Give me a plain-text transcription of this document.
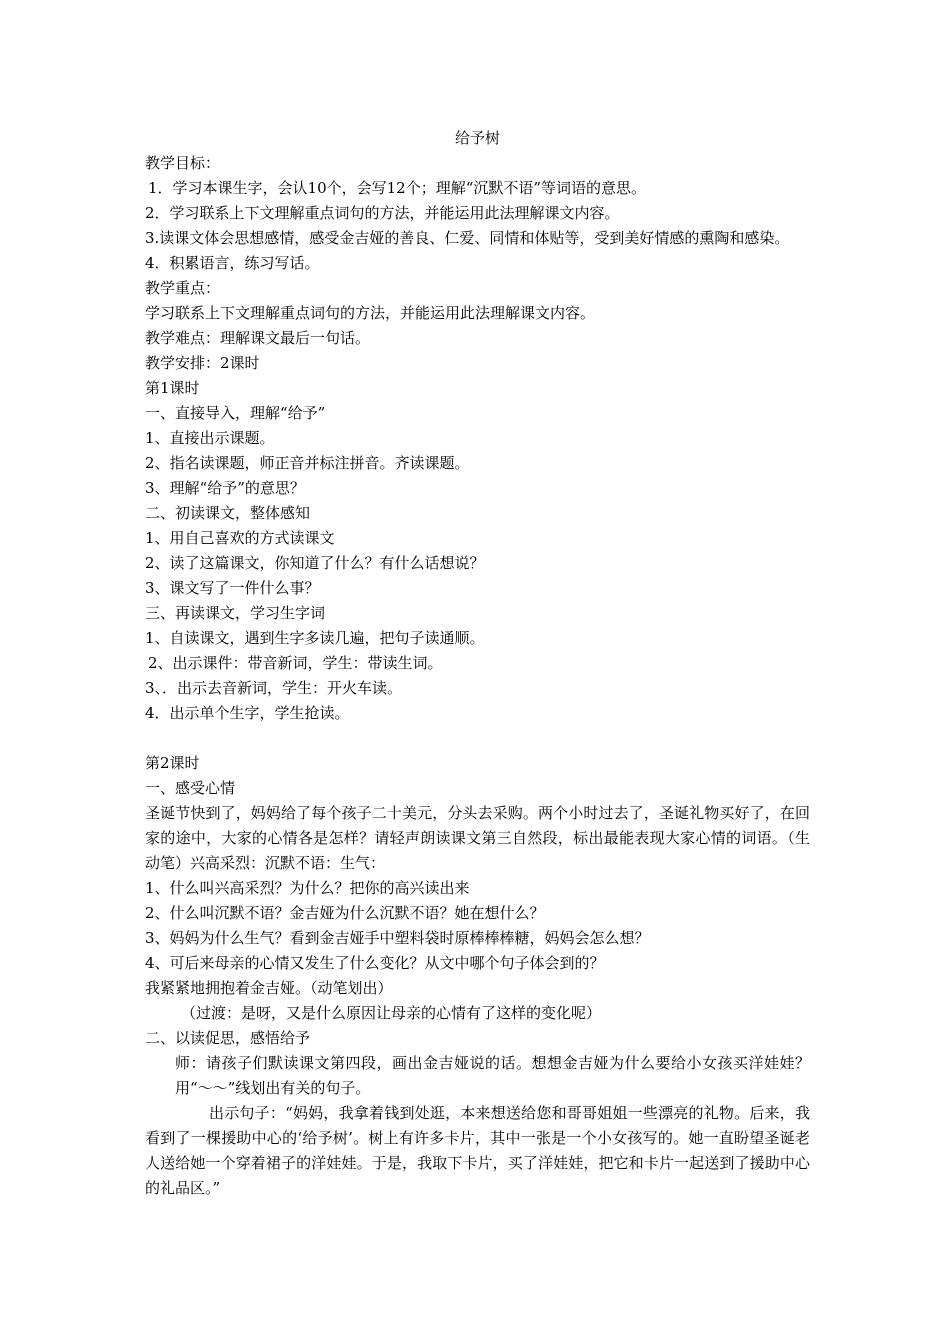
给予树

教学目标：

1．学习本课生字，会认10个，会写12个；理解“沉默不语”等词语的意思。

2．学习联系上下文理解重点词句的方法，并能运用此法理解课文内容。

3.读课文体会思想感情，感受金吉娅的善良、仁爱、同情和体贴等，受到美好情感的熏陶和感染。

4．积累语言，练习写话。

教学重点：

学习联系上下文理解重点词句的方法，并能运用此法理解课文内容。

教学难点：理解课文最后一句话。

教学安排：2课时

第1课时

一、直接导入，理解“给予”

1、直接出示课题。

2、指名读课题，师正音并标注拼音。齐读课题。

3、理解“给予”的意思？

二、初读课文，整体感知

1、用自己喜欢的方式读课文

2、读了这篇课文，你知道了什么？有什么话想说？

3、课文写了一件什么事？

三、再读课文，学习生字词

1、自读课文，遇到生字多读几遍，把句子读通顺。

2、出示课件：带音新词，学生：带读生词。

3、．出示去音新词，学生：开火车读。

4．出示单个生字，学生抢读。

第2课时

一、感受心情

圣诞节快到了，妈妈给了每个孩子二十美元，分头去采购。两个小时过去了，圣诞礼物买好了，在回家的途中，大家的心情各是怎样？请轻声朗读课文第三自然段，标出最能表现大家心情的词语。（生动笔）兴高采烈：沉默不语：生气：

1、什么叫兴高采烈？为什么？把你的高兴读出来

2、什么叫沉默不语？金吉娅为什么沉默不语？她在想什么？

3、妈妈为什么生气？看到金吉娅手中塑料袋时原棒棒棒糖，妈妈会怎么想？

4、可后来母亲的心情又发生了什么变化？从文中哪个句子体会到的？

我紧紧地拥抱着金吉娅。（动笔划出）

（过渡：是呀，又是什么原因让母亲的心情有了这样的变化呢）

二、以读促思，感悟给予

师：请孩子们默读课文第四段，画出金吉娅说的话。想想金吉娅为什么要给小女孩买洋娃娃？用“～～”线划出有关的句子。

出示句子：“妈妈，我拿着钱到处逛，本来想送给您和哥哥姐姐一些漂亮的礼物。后来，我看到了一棵援助中心的‘给予树’。树上有许多卡片，其中一张是一个小女孩写的。她一直盼望圣诞老人送给她一个穿着裙子的洋娃娃。于是，我取下卡片，买了洋娃娃，把它和卡片一起送到了援助中心的礼品区。”
